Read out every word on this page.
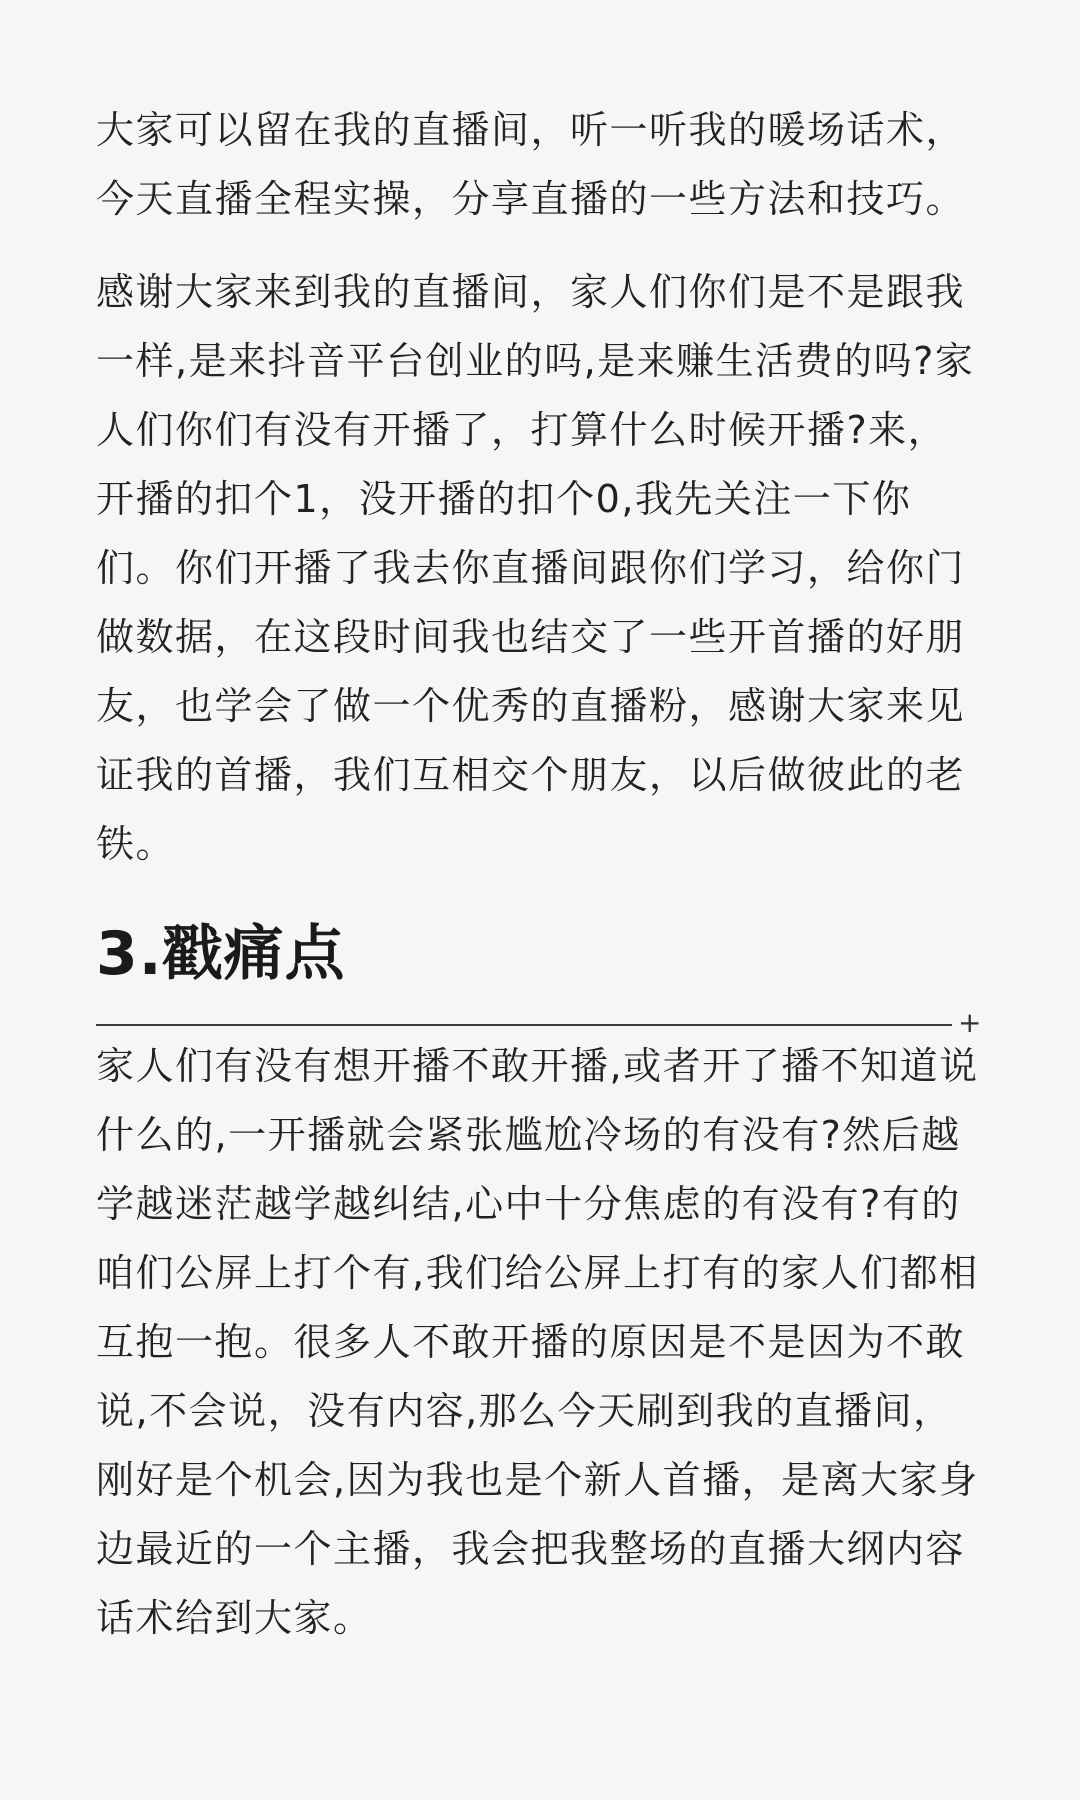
大家可以留在我的直播间，听一听我的暖场话术，今天直播全程实操，分享直播的一些方法和技巧。

感谢大家来到我的直播间，家人们你们是不是跟我一样,是来抖音平台创业的吗,是来赚生活费的吗?家人们你们有没有开播了，打算什么时候开播?来，开播的扣个1，没开播的扣个0,我先关注一下你们。你们开播了我去你直播间跟你们学习，给你门做数据，在这段时间我也结交了一些开首播的好朋友，也学会了做一个优秀的直播粉，感谢大家来见证我的首播，我们互相交个朋友，以后做彼此的老铁。

3.戳痛点
+

家人们有没有想开播不敢开播,或者开了播不知道说什么的,一开播就会紧张尴尬冷场的有没有?然后越学越迷茫越学越纠结,心中十分焦虑的有没有?有的咱们公屏上打个有,我们给公屏上打有的家人们都相互抱一抱。很多人不敢开播的原因是不是因为不敢说,不会说，没有内容,那么今天刷到我的直播间，刚好是个机会,因为我也是个新人首播，是离大家身边最近的一个主播，我会把我整场的直播大纲内容话术给到大家。
